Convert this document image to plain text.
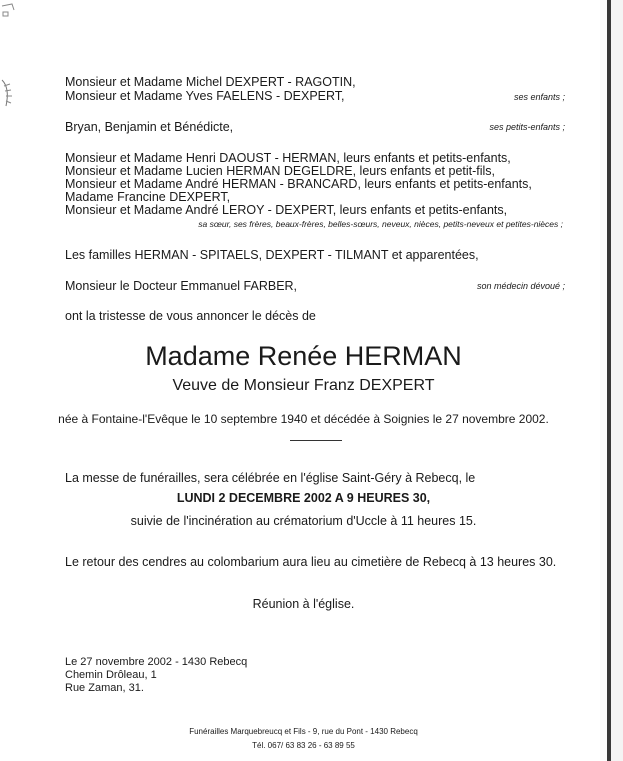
Monsieur et Madame Michel DEXPERT - RAGOTIN,
Monsieur et Madame Yves FAELENS - DEXPERT,	ses enfants ;
Bryan, Benjamin et Bénédicte,	ses petits-enfants ;
Monsieur et Madame Henri DAOUST - HERMAN, leurs enfants et petits-enfants,
Monsieur et Madame Lucien HERMAN DEGELDRE, leurs enfants et petit-fils,
Monsieur et Madame André HERMAN - BRANCARD, leurs enfants et petits-enfants,
Madame Francine DEXPERT,
Monsieur et Madame André LEROY - DEXPERT, leurs enfants et petits-enfants,
sa sœur, ses frères, beaux-frères, belles-sœurs, neveux, nièces, petits-neveux et petites-nièces ;
Les familles HERMAN - SPITAELS, DEXPERT - TILMANT et apparentées,
Monsieur le Docteur Emmanuel FARBER,	son médecin dévoué ;
ont la tristesse de vous annoncer le décès de
Madame Renée HERMAN
Veuve de Monsieur Franz DEXPERT
née à Fontaine-l'Evêque le 10 septembre 1940 et décédée à Soignies le 27 novembre 2002.
La messe de funérailles, sera célébrée en l'église Saint-Géry à Rebecq, le
LUNDI 2 DECEMBRE 2002 A 9 HEURES 30,
suivie de l'incinération au crématorium d'Uccle à 11 heures 15.
Le retour des cendres au colombarium aura lieu au cimetière de Rebecq à 13 heures 30.
Réunion à l'église.
Le 27 novembre 2002 - 1430 Rebecq
Chemin Drôleau, 1
Rue Zaman, 31.
Funérailles Marquebreucq et Fils - 9, rue du Pont - 1430 Rebecq
Tél. 067/ 63 83 26 - 63 89 55
